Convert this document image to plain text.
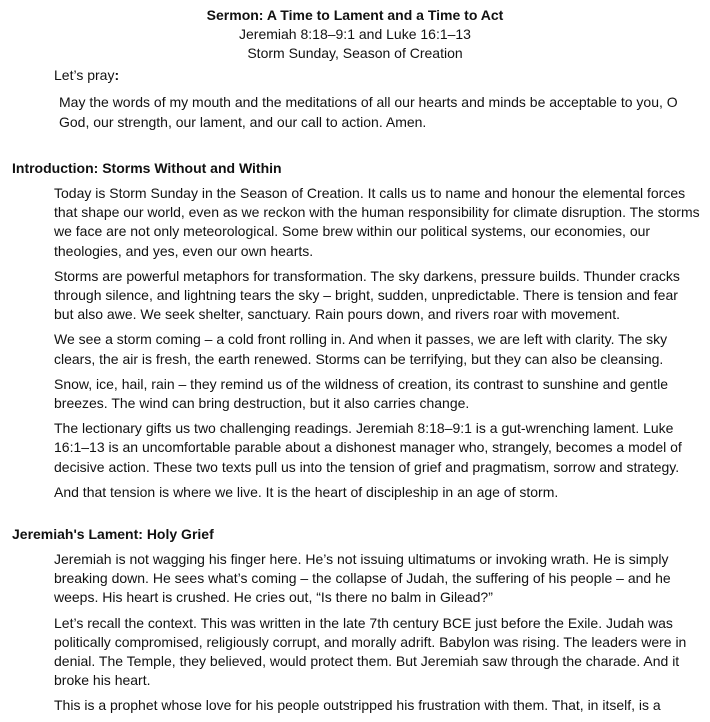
Sermon: A Time to Lament and a Time to Act
Jeremiah 8:18–9:1 and Luke 16:1–13
Storm Sunday, Season of Creation
Let’s pray:
May the words of my mouth and the meditations of all our hearts and minds be acceptable to you, O God, our strength, our lament, and our call to action. Amen.
Introduction: Storms Without and Within

Today is Storm Sunday in the Season of Creation. It calls us to name and honour the elemental forces that shape our world, even as we reckon with the human responsibility for climate disruption. The storms we face are not only meteorological. Some brew within our political systems, our economies, our theologies, and yes, even our own hearts.

Storms are powerful metaphors for transformation. The sky darkens, pressure builds. Thunder cracks through silence, and lightning tears the sky – bright, sudden, unpredictable. There is tension and fear but also awe. We seek shelter, sanctuary. Rain pours down, and rivers roar with movement.

We see a storm coming – a cold front rolling in. And when it passes, we are left with clarity. The sky clears, the air is fresh, the earth renewed. Storms can be terrifying, but they can also be cleansing.

Snow, ice, hail, rain – they remind us of the wildness of creation, its contrast to sunshine and gentle breezes. The wind can bring destruction, but it also carries change.

The lectionary gifts us two challenging readings. Jeremiah 8:18–9:1 is a gut-wrenching lament. Luke 16:1–13 is an uncomfortable parable about a dishonest manager who, strangely, becomes a model of decisive action. These two texts pull us into the tension of grief and pragmatism, sorrow and strategy.

And that tension is where we live. It is the heart of discipleship in an age of storm.

Jeremiah's Lament: Holy Grief

Jeremiah is not wagging his finger here. He’s not issuing ultimatums or invoking wrath. He is simply breaking down. He sees what’s coming – the collapse of Judah, the suffering of his people – and he weeps. His heart is crushed. He cries out, “Is there no balm in Gilead?”

Let’s recall the context. This was written in the late 7th century BCE just before the Exile. Judah was politically compromised, religiously corrupt, and morally adrift. Babylon was rising. The leaders were in denial. The Temple, they believed, would protect them. But Jeremiah saw through the charade. And it broke his heart.

This is a prophet whose love for his people outstripped his frustration with them. That, in itself, is a
